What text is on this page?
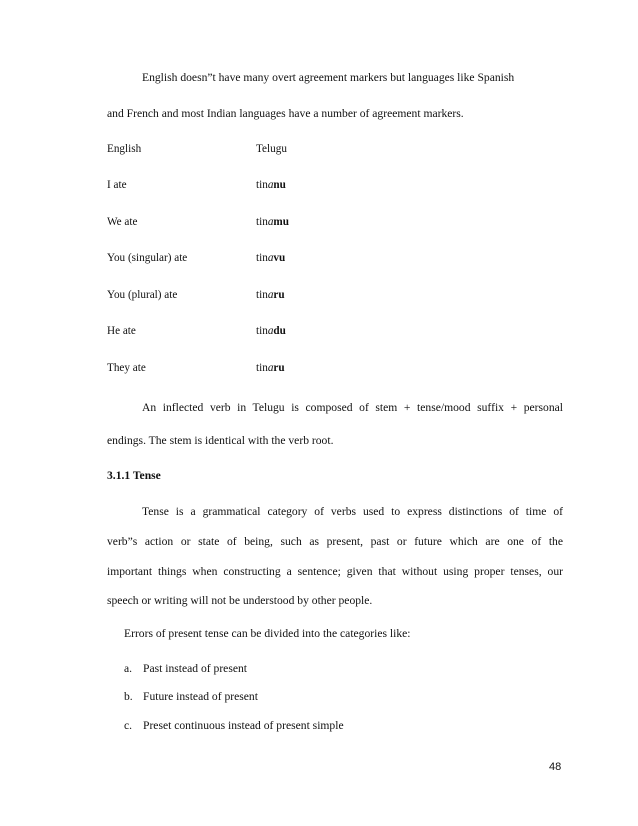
English doesn”t have many overt agreement markers but languages like Spanish
and French and most Indian languages have a number of agreement markers.
English	Telugu
I ate	tinanu
We ate	tinamu
You (singular) ate	tinavu
You (plural) ate	tinaru
He ate	tinadu
They ate	tinaru
An inflected verb in Telugu is composed of stem + tense/mood suffix + personal
endings. The stem is identical with the verb root.
3.1.1 Tense
Tense is a grammatical category of verbs used to express distinctions of time of
verb”s action or state of being, such as present, past or future which are one of the
important things when constructing a sentence; given that without using proper tenses, our
speech or writing will not be understood by other people.
Errors of present tense can be divided into the categories like:
a. Past instead of present
b. Future instead of present
c. Preset continuous instead of present simple
48
